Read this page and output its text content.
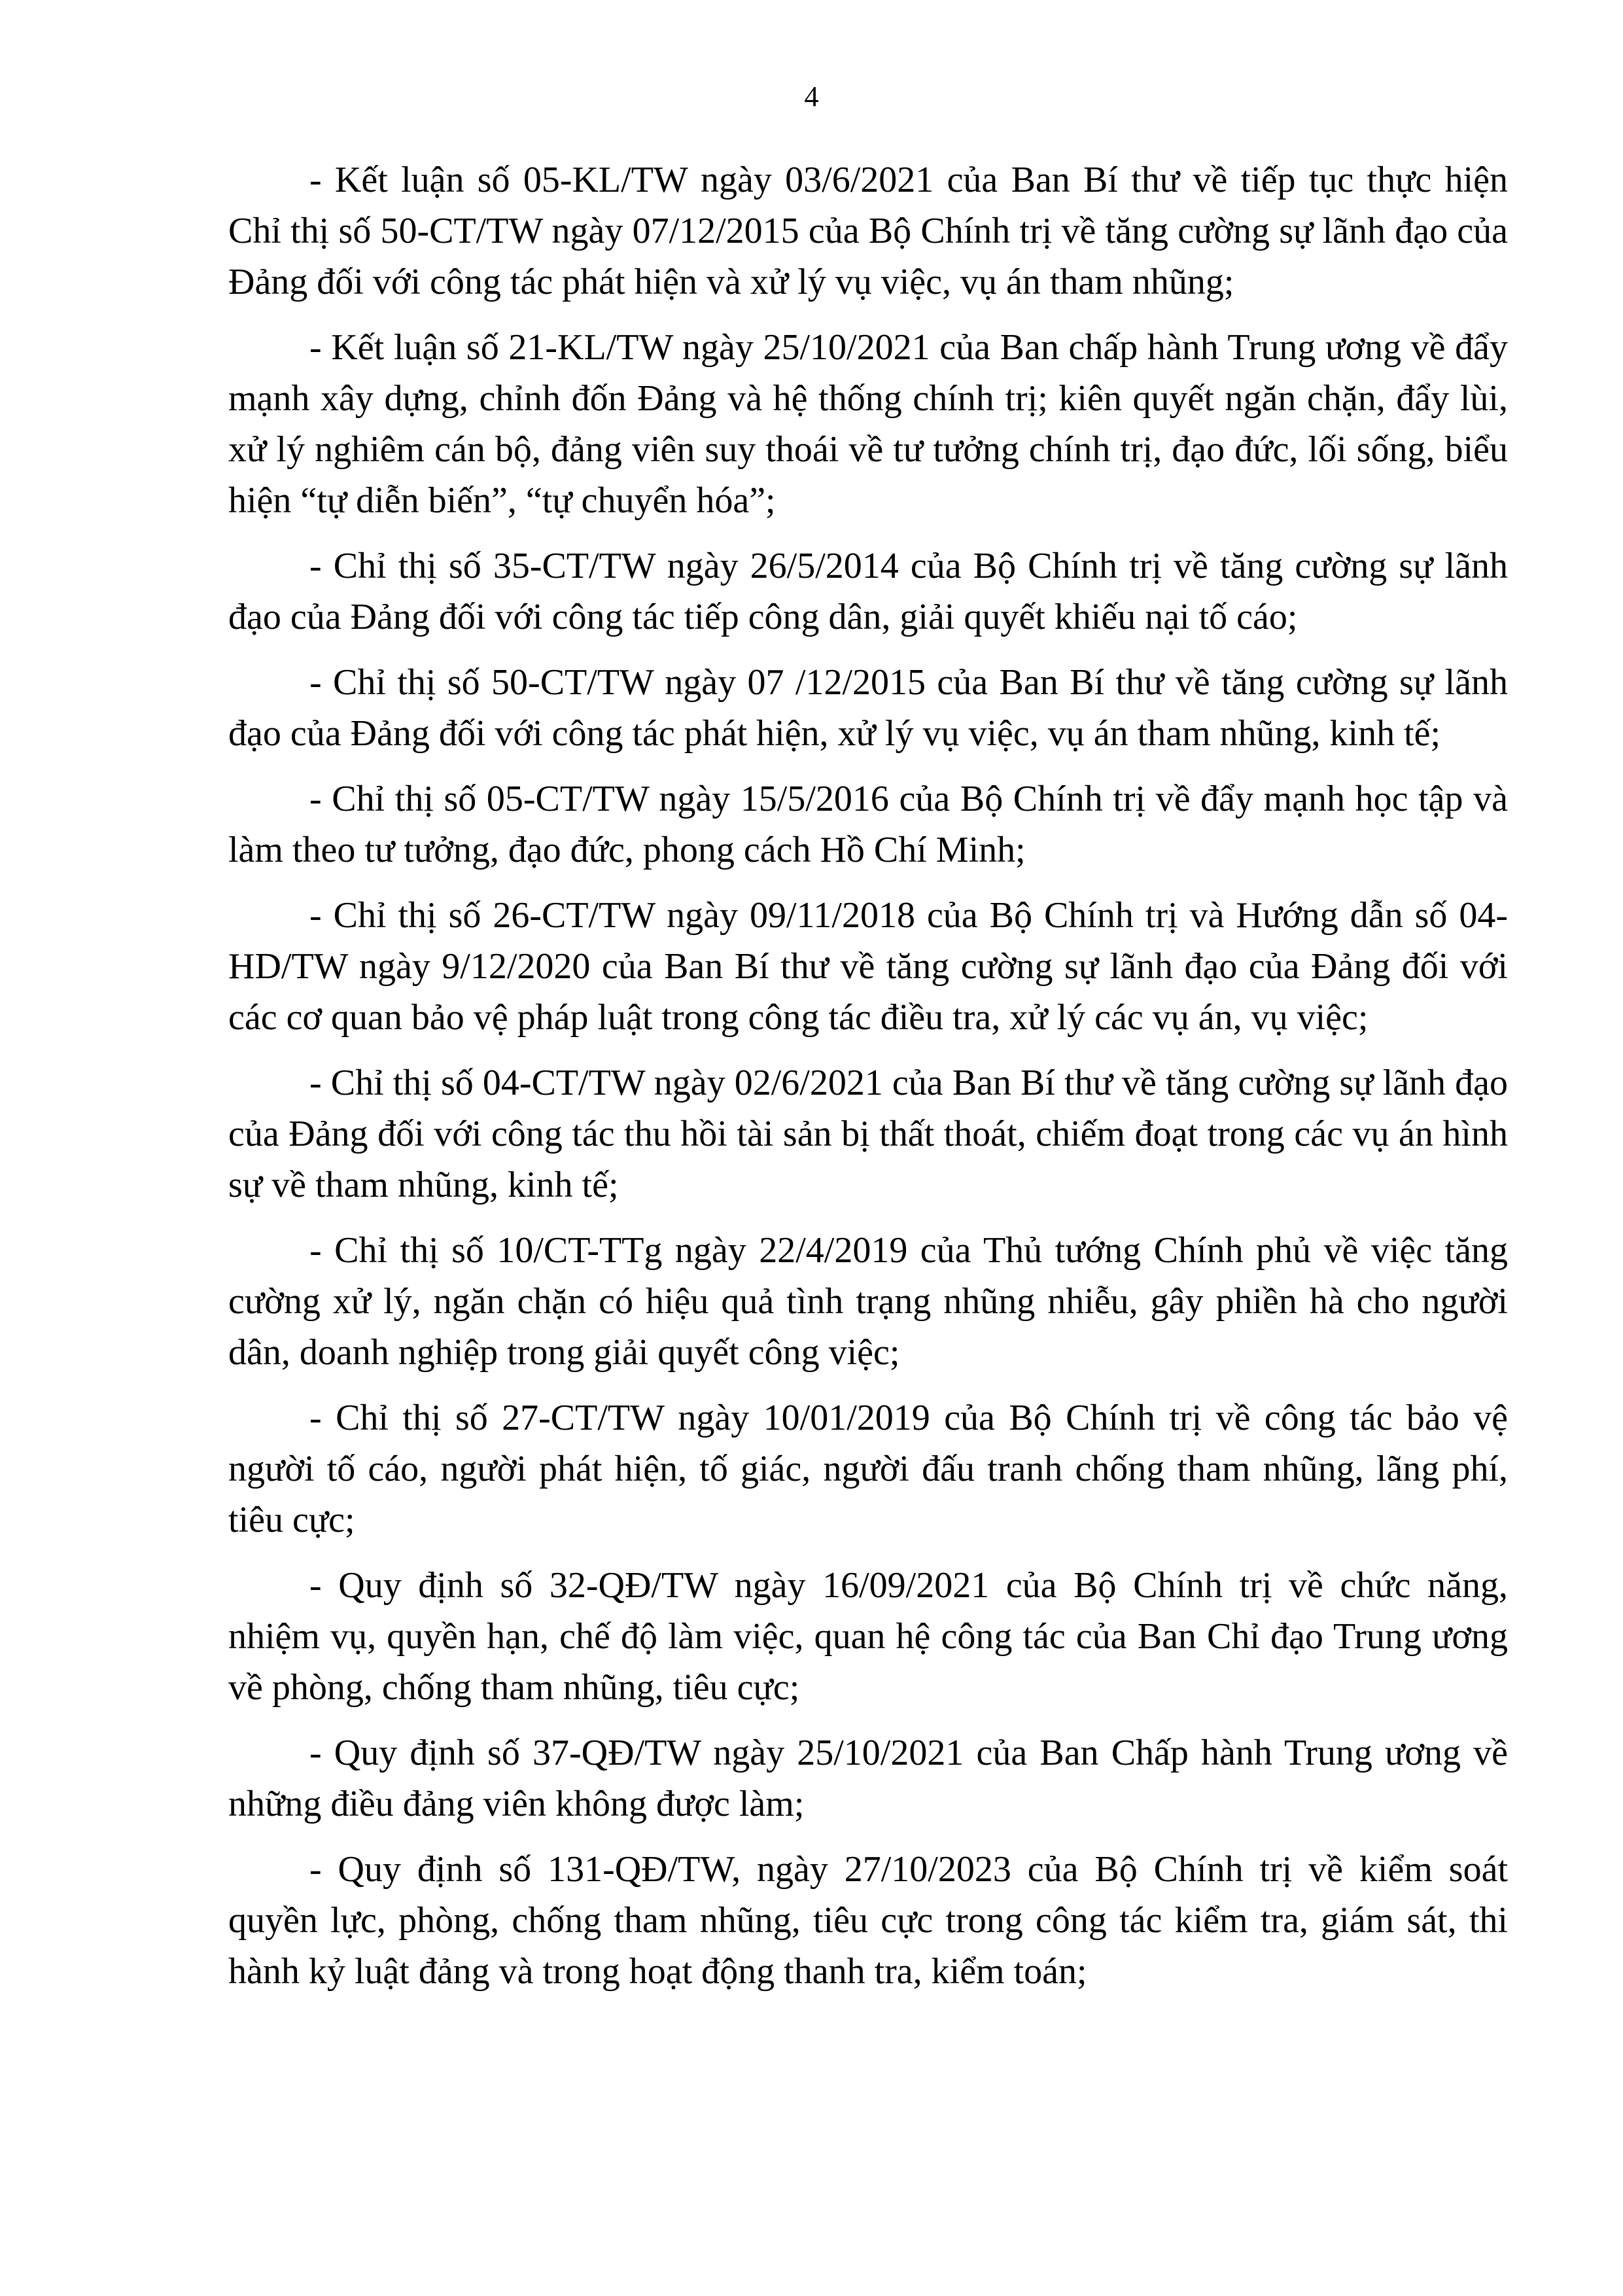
4

- Kết luận số 05-KL/TW ngày 03/6/2021 của Ban Bí thư về tiếp tục thực hiện Chỉ thị số 50-CT/TW ngày 07/12/2015 của Bộ Chính trị về tăng cường sự lãnh đạo của Đảng đối với công tác phát hiện và xử lý vụ việc, vụ án tham nhũng;

- Kết luận số 21-KL/TW ngày 25/10/2021 của Ban chấp hành Trung ương về đẩy mạnh xây dựng, chỉnh đốn Đảng và hệ thống chính trị; kiên quyết ngăn chặn, đẩy lùi, xử lý nghiêm cán bộ, đảng viên suy thoái về tư tưởng chính trị, đạo đức, lối sống, biểu hiện “tự diễn biến”, “tự chuyển hóa”;

- Chỉ thị số 35-CT/TW ngày 26/5/2014 của Bộ Chính trị về tăng cường sự lãnh đạo của Đảng đối với công tác tiếp công dân, giải quyết khiếu nại tố cáo;

- Chỉ thị số 50-CT/TW ngày 07 /12/2015 của Ban Bí thư về tăng cường sự lãnh đạo của Đảng đối với công tác phát hiện, xử lý vụ việc, vụ án tham nhũng, kinh tế;

- Chỉ thị số 05-CT/TW ngày 15/5/2016 của Bộ Chính trị về đẩy mạnh học tập và làm theo tư tưởng, đạo đức, phong cách Hồ Chí Minh;

- Chỉ thị số 26-CT/TW ngày 09/11/2018 của Bộ Chính trị và Hướng dẫn số 04-HD/TW ngày 9/12/2020 của Ban Bí thư về tăng cường sự lãnh đạo của Đảng đối với các cơ quan bảo vệ pháp luật trong công tác điều tra, xử lý các vụ án, vụ việc;

- Chỉ thị số 04-CT/TW ngày 02/6/2021 của Ban Bí thư về tăng cường sự lãnh đạo của Đảng đối với công tác thu hồi tài sản bị thất thoát, chiếm đoạt trong các vụ án hình sự về tham nhũng, kinh tế;

- Chỉ thị số 10/CT-TTg ngày 22/4/2019 của Thủ tướng Chính phủ về việc tăng cường xử lý, ngăn chặn có hiệu quả tình trạng nhũng nhiễu, gây phiền hà cho người dân, doanh nghiệp trong giải quyết công việc;

- Chỉ thị số 27-CT/TW ngày 10/01/2019 của Bộ Chính trị về công tác bảo vệ người tố cáo, người phát hiện, tố giác, người đấu tranh chống tham nhũng, lãng phí, tiêu cực;

- Quy định số 32-QĐ/TW ngày 16/09/2021 của Bộ Chính trị về chức năng, nhiệm vụ, quyền hạn, chế độ làm việc, quan hệ công tác của Ban Chỉ đạo Trung ương về phòng, chống tham nhũng, tiêu cực;

- Quy định số 37-QĐ/TW ngày 25/10/2021 của Ban Chấp hành Trung ương về những điều đảng viên không được làm;

- Quy định số 131-QĐ/TW, ngày 27/10/2023 của Bộ Chính trị về kiểm soát quyền lực, phòng, chống tham nhũng, tiêu cực trong công tác kiểm tra, giám sát, thi hành kỷ luật đảng và trong hoạt động thanh tra, kiểm toán;
